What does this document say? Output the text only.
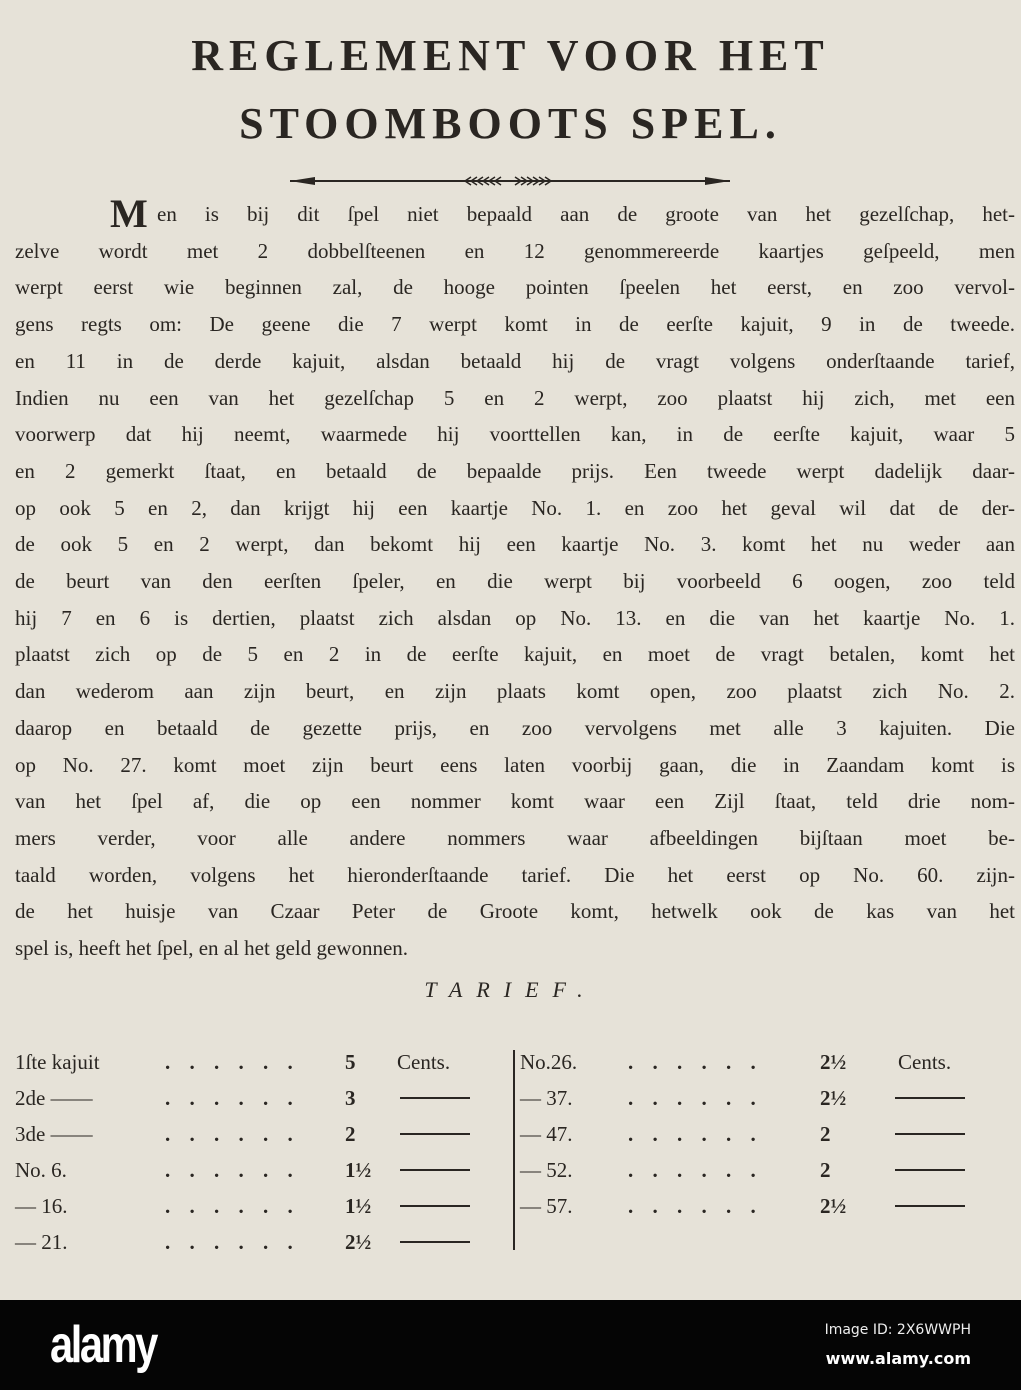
REGLEMENT VOOR HET
STOOMBOOTS SPEL.
M en is bij dit ſpel niet bepaald aan de groote van het gezelſchap, het-
zelve wordt met 2 dobbelſteenen en 12 genommereerde kaartjes geſpeeld, men
werpt eerst wie beginnen zal, de hooge pointen ſpeelen het eerst, en zoo vervol-
gens regts om: De geene die 7 werpt komt in de eerſte kajuit, 9 in de tweede.
en 11 in de derde kajuit, alsdan betaald hij de vragt volgens onderſtaande tarief,
Indien nu een van het gezelſchap 5 en 2 werpt, zoo plaatst hij zich, met een
voorwerp dat hij neemt, waarmede hij voorttellen kan, in de eerſte kajuit, waar 5
en 2 gemerkt ſtaat, en betaald de bepaalde prijs. Een tweede werpt dadelijk daar-
op ook 5 en 2, dan krijgt hij een kaartje No. 1. en zoo het geval wil dat de der-
de ook 5 en 2 werpt, dan bekomt hij een kaartje No. 3. komt het nu weder aan
de beurt van den eerſten ſpeler, en die werpt bij voorbeeld 6 oogen, zoo teld
hij 7 en 6 is dertien, plaatst zich alsdan op No. 13. en die van het kaartje No. 1.
plaatst zich op de 5 en 2 in de eerſte kajuit, en moet de vragt betalen, komt het
dan wederom aan zijn beurt, en zijn plaats komt open, zoo plaatst zich No. 2.
daarop en betaald de gezette prijs, en zoo vervolgens met alle 3 kajuiten. Die
op No. 27. komt moet zijn beurt eens laten voorbij gaan, die in Zaandam komt is
van het ſpel af, die op een nommer komt waar een Zijl ſtaat, teld drie nom-
mers verder, voor alle andere nommers waar afbeeldingen bijſtaan moet be-
taald worden, volgens het hieronderſtaande tarief. Die het eerst op No. 60. zijn-
de het huisje van Czaar Peter de Groote komt, hetwelk ook de kas van het
spel is, heeft het ſpel, en al het geld gewonnen.
TARIEF.
1ſte kajuit	. . . . . . 5 Cents.
2de ——	. . . . . . 3
3de ——	. . . . . . 2
No. 6.	. . . . . . 1½
— 16.	. . . . . . 1½
— 21.	. . . . . . 2½
No.26. . . . . . .	2½ Cents.
— 37.	. . . . . .	2½
— 47.	. . . . . .	2
— 52.	. . . . . .	2
— 57.	. . . . . .	2½
alamy	Image ID: 2X6WWPH
www.alamy.com
